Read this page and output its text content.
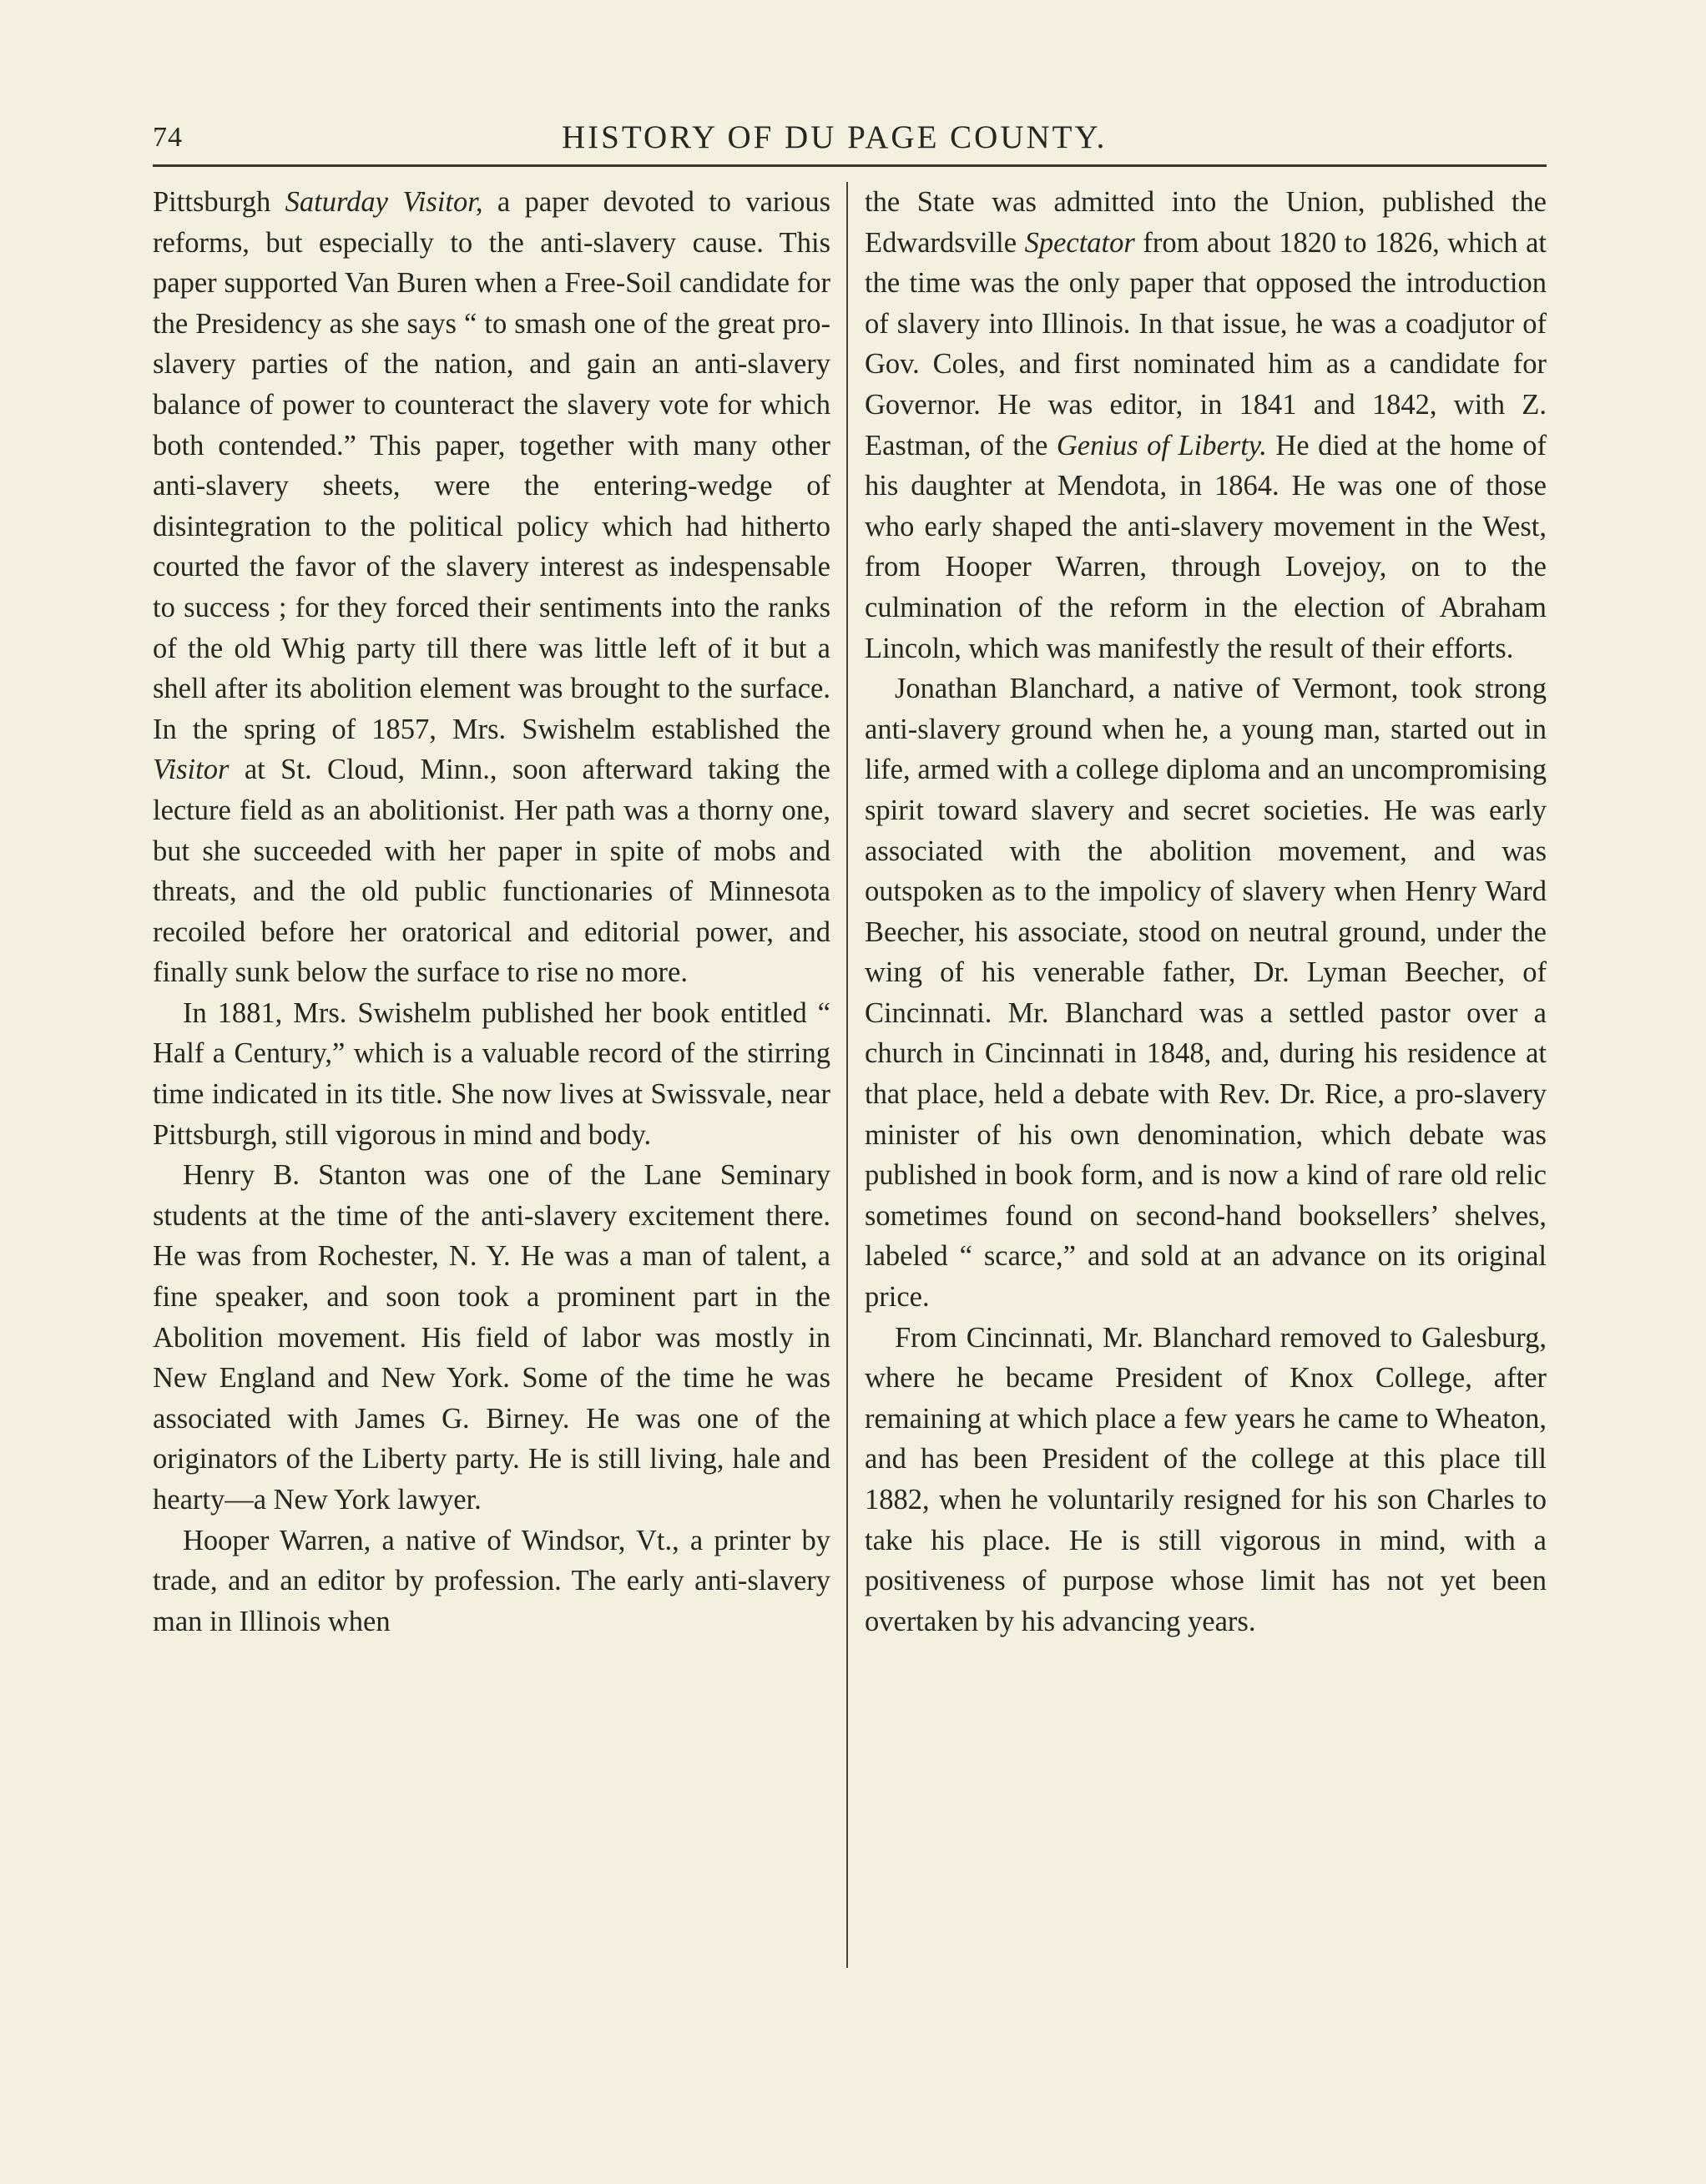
74	HISTORY OF DU PAGE COUNTY.

Pittsburgh Saturday Visitor, a paper devoted to various reforms, but especially to the anti-slavery cause. This paper supported Van Buren when a Free-Soil candidate for the Presidency as she says “ to smash one of the great pro-slavery parties of the nation, and gain an anti-slavery balance of power to counteract the slavery vote for which both contended.” This paper, together with many other anti-slavery sheets, were the entering-wedge of disintegration to the political policy which had hitherto courted the favor of the slavery interest as indespensable to success ; for they forced their sentiments into the ranks of the old Whig party till there was little left of it but a shell after its abolition element was brought to the surface. In the spring of 1857, Mrs. Swishelm established the Visitor at St. Cloud, Minn., soon afterward taking the lecture field as an abolitionist. Her path was a thorny one, but she succeeded with her paper in spite of mobs and threats, and the old public functionaries of Minnesota recoiled before her oratorical and editorial power, and finally sunk below the surface to rise no more.

In 1881, Mrs. Swishelm published her book entitled “ Half a Century,” which is a valuable record of the stirring time indicated in its title. She now lives at Swissvale, near Pittsburgh, still vigorous in mind and body.

Henry B. Stanton was one of the Lane Seminary students at the time of the anti-slavery excitement there. He was from Rochester, N. Y. He was a man of talent, a fine speaker, and soon took a prominent part in the Abolition movement. His field of labor was mostly in New England and New York. Some of the time he was associated with James G. Birney. He was one of the originators of the Liberty party. He is still living, hale and hearty—a New York lawyer.

Hooper Warren, a native of Windsor, Vt., a printer by trade, and an editor by profession. The early anti-slavery man in Illinois when

the State was admitted into the Union, published the Edwardsville Spectator from about 1820 to 1826, which at the time was the only paper that opposed the introduction of slavery into Illinois. In that issue, he was a coadjutor of Gov. Coles, and first nominated him as a candidate for Governor. He was editor, in 1841 and 1842, with Z. Eastman, of the Genius of Liberty. He died at the home of his daughter at Mendota, in 1864. He was one of those who early shaped the anti-slavery movement in the West, from Hooper Warren, through Lovejoy, on to the culmination of the reform in the election of Abraham Lincoln, which was manifestly the result of their efforts.

Jonathan Blanchard, a native of Vermont, took strong anti-slavery ground when he, a young man, started out in life, armed with a college diploma and an uncompromising spirit toward slavery and secret societies. He was early associated with the abolition movement, and was outspoken as to the impolicy of slavery when Henry Ward Beecher, his associate, stood on neutral ground, under the wing of his venerable father, Dr. Lyman Beecher, of Cincinnati. Mr. Blanchard was a settled pastor over a church in Cincinnati in 1848, and, during his residence at that place, held a debate with Rev. Dr. Rice, a pro-slavery minister of his own denomination, which debate was published in book form, and is now a kind of rare old relic sometimes found on second-hand booksellers’ shelves, labeled “ scarce,” and sold at an advance on its original price.

From Cincinnati, Mr. Blanchard removed to Galesburg, where he became President of Knox College, after remaining at which place a few years he came to Wheaton, and has been President of the college at this place till 1882, when he voluntarily resigned for his son Charles to take his place. He is still vigorous in mind, with a positiveness of purpose whose limit has not yet been overtaken by his advancing years.
